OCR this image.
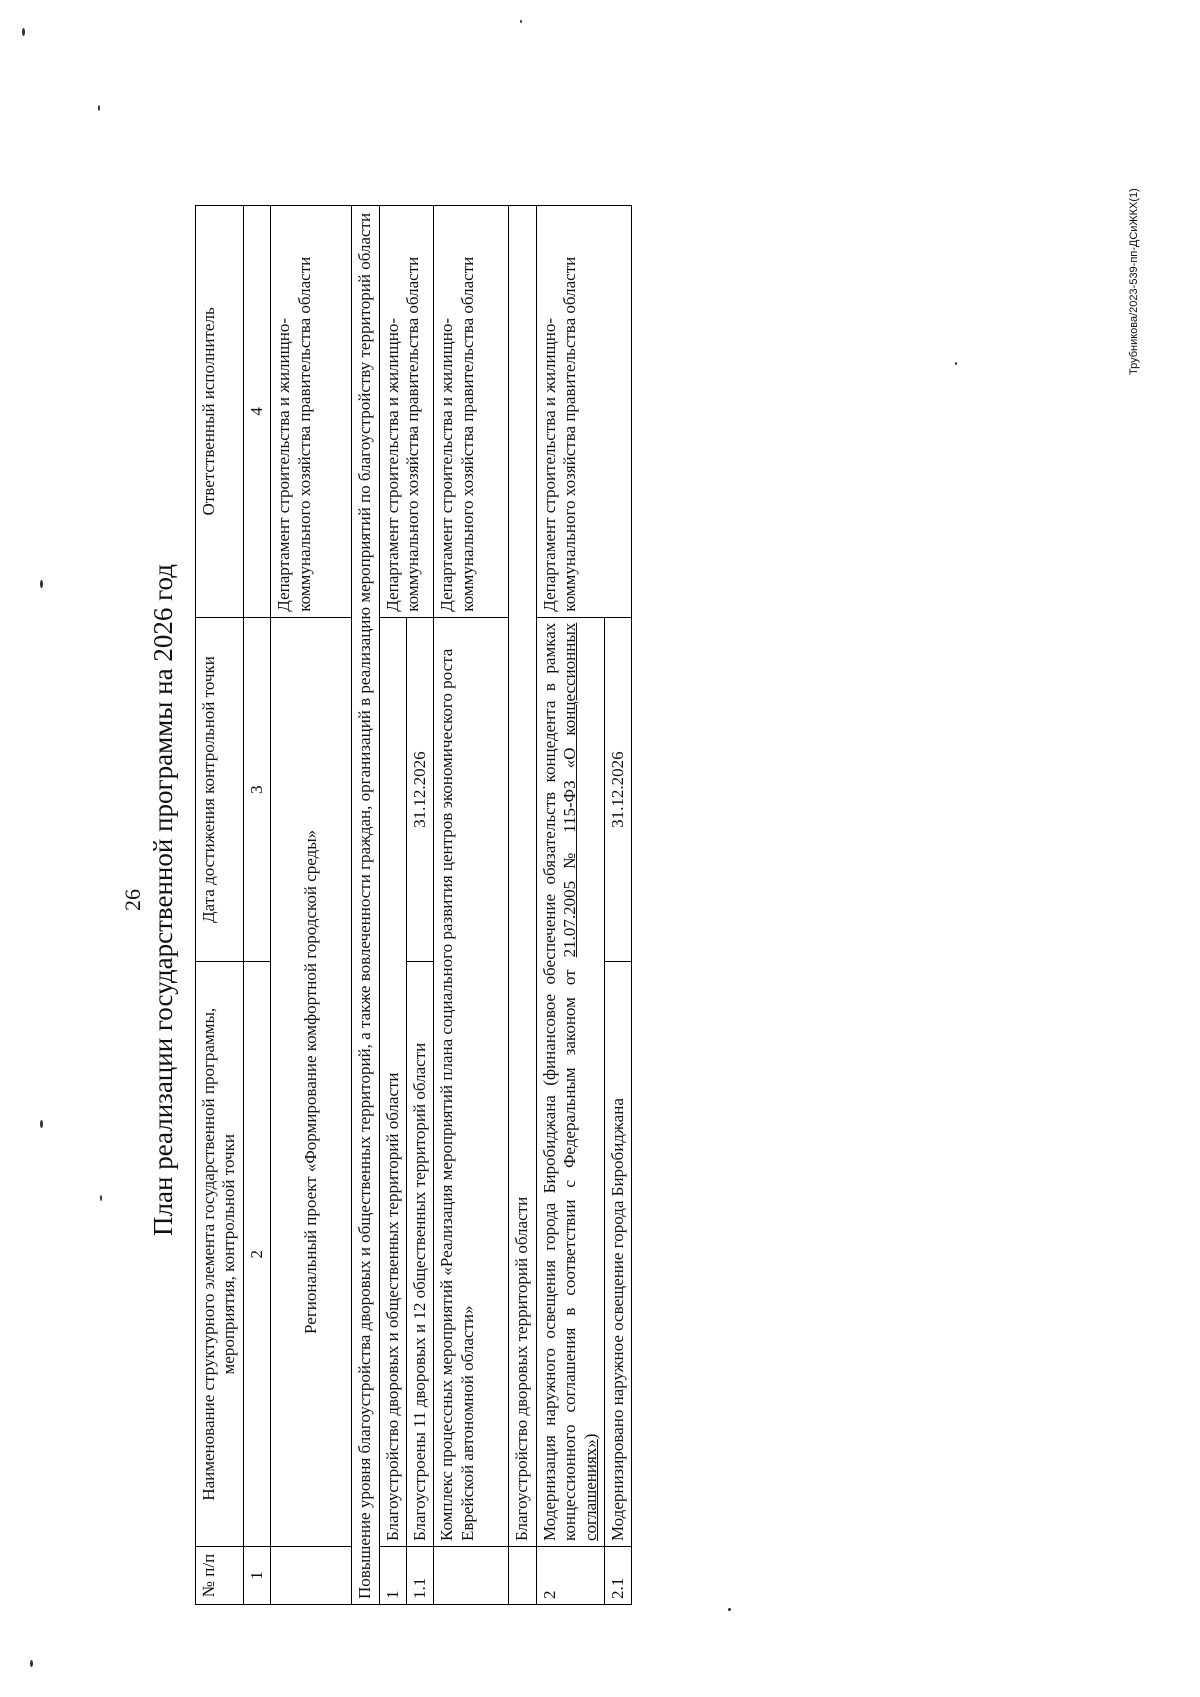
26 План реализации государственной программы на 2026 год
№ п/п	Наименование структурного элемента государственной программы, мероприятия, контрольной точки	Дата достижения контрольной точки	Ответственный исполнитель
1	2	3	4
	Региональный проект «Формирование комфортной городской среды»		Департамент строительства и жилищно-коммунального хозяйства правительства области
Повышение уровня благоустройства дворовых и общественных территорий, а также вовлеченности граждан, организаций в реализацию мероприятий по благоустройству территорий области			
1	Благоустройство дворовых и общественных территорий области		Департамент строительства и жилищно-коммунального хозяйства правительства области
1.1	Благоустроены 11 дворовых и 12 общественных территорий области	31.12.2026	
	Комплекс процессных мероприятий «Реализация мероприятий плана социального развития центров экономического роста Еврейской автономной области»		Департамент строительства и жилищно-коммунального хозяйства правительства области
	Благоустройство дворовых территорий области		
2	Модернизация наружного освещения города Биробиджана (финансовое обеспечение обязательств концедента в рамках концессионного соглашения в соответствии с Федеральным законом от 21.07.2005 № 115-ФЗ «О концессионных соглашениях»)		Департамент строительства и жилищно-коммунального хозяйства правительства области
2.1	Модернизировано наружное освещение города Биробиджана	31.12.2026	
Трубникова/2023-539-пп-ДСиЖКХ(1)
